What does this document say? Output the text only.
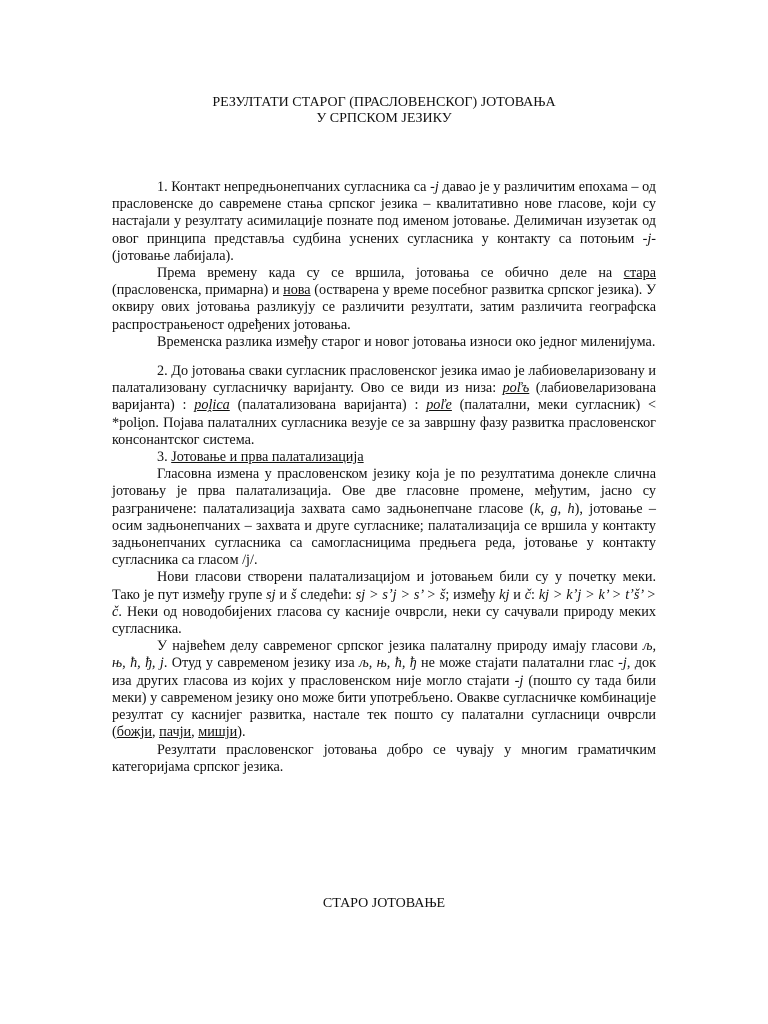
РЕЗУЛТАТИ СТАРОГ (ПРАСЛОВЕНСКОГ) ЈОТОВАЊА
У СРПСКОМ ЈЕЗИКУ

1. Контакт непредњонепчаних сугласника са -j давао је у различитим епохама – од прасловенске до савремене стања српског језика – квалитативно нове гласове, који су настајали у резултату асимилације познате под именом јотовање. Делимичан изузетак од овог принципа представља судбина уснених сугласника у контакту са потоњим -j- (јотовање лабијала).

Према времену када су се вршила, јотовања се обично деле на стара (прасловенска, примарна) и нова (остварена у време посебног развитка српског језика). У оквиру ових јотовања разликују се различити резултати, затим различита географска распрострањеност одређених јотовања.

Временска разлика између старог и новог јотовања износи око једног миленијума.

2. До јотовања сваки сугласник прасловенског језика имао је лабиовеларизовану и палатализовану сугласничку варијанту. Ово се види из низа: poľъ (лабиовеларизована варијанта) : poḽica (палатализована варијанта) : poľe (палатални, меки сугласник) < *poli̯on. Појава палаталних сугласника везује се за завршну фазу развитка прасловенског консонантског система.

3. Јотовање и прва палатализација

Гласовна измена у прасловенском језику која је по резултатима донекле слична јотовању је прва палатализација. Ове две гласовне промене, међутим, јасно су разграничене: палатализација захвата само задњонепчане гласове (k, g, h), јотовање – осим задњонепчаних – захвата и друге сугласнике; палатализација се вршила у контакту задњонепчаних сугласника са самогласницима предњега реда, јотовање у контакту сугласника са гласом /j/.

Нови гласови створени палатализацијом и јотовањем били су у почетку меки. Тако је пут између групе sj и š следећи: sj > sʼj > s’ > š; између kj и č: kj > kʼj > k’ > tʼš’ > č. Неки од новодобијених гласова су касније очврсли, неки су сачували природу меких сугласника.

У највећем делу савременог српског језика палаталну природу имају гласови љ, њ, ћ, ђ, j. Отуд у савременом језику иза љ, њ, ћ, ђ не може стајати палатални глас -j, док иза других гласова из којих у прасловенском није могло стајати -j (пошто су тада били меки) у савременом језику оно може бити употребљено. Овакве сугласничке комбинације резултат су каснијег развитка, настале тек пошто су палатални сугласници очврсли (божји, пачји, мишји).

Резултати прасловенског јотовања добро се чувају у многим граматичким категоријама српског језика.

СТАРО ЈОТОВАЊЕ
